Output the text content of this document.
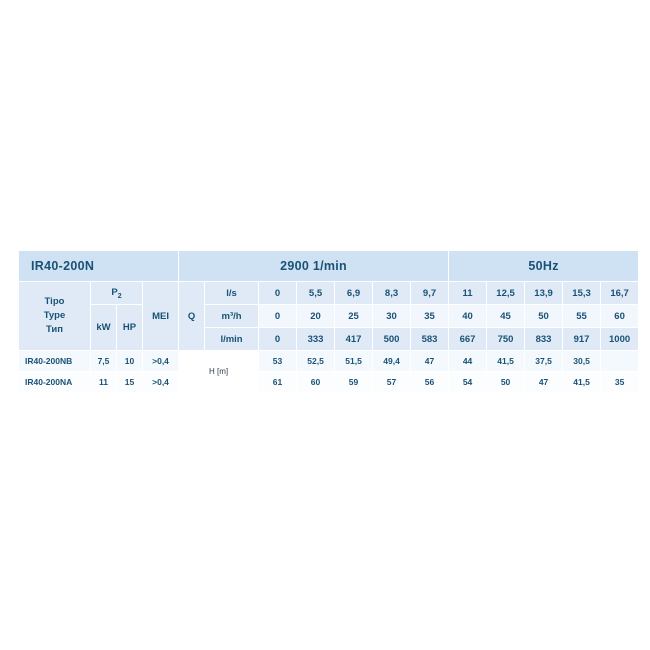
IR40-200N				2900 1/min							50Hz				

Tipo
Type
Тип	$P_2$		MEI	Q	l/s	0	5,5	6,9	8,3	9,7	11	12,5	13,9	15,3	16,7
	kW	HP			m³/h	0	20	25	30	35	40	45	50	55	60
					l/min	0	333	417	500	583	667	750	833	917	1000
IR40-200NB	7,5	10	>0,4	H [m]		53	52,5	51,5	49,4	47	44	41,5	37,5	30,5	
IR40-200NA	11	15	>0,4			61	60	59	57	56	54	50	47	41,5	35
